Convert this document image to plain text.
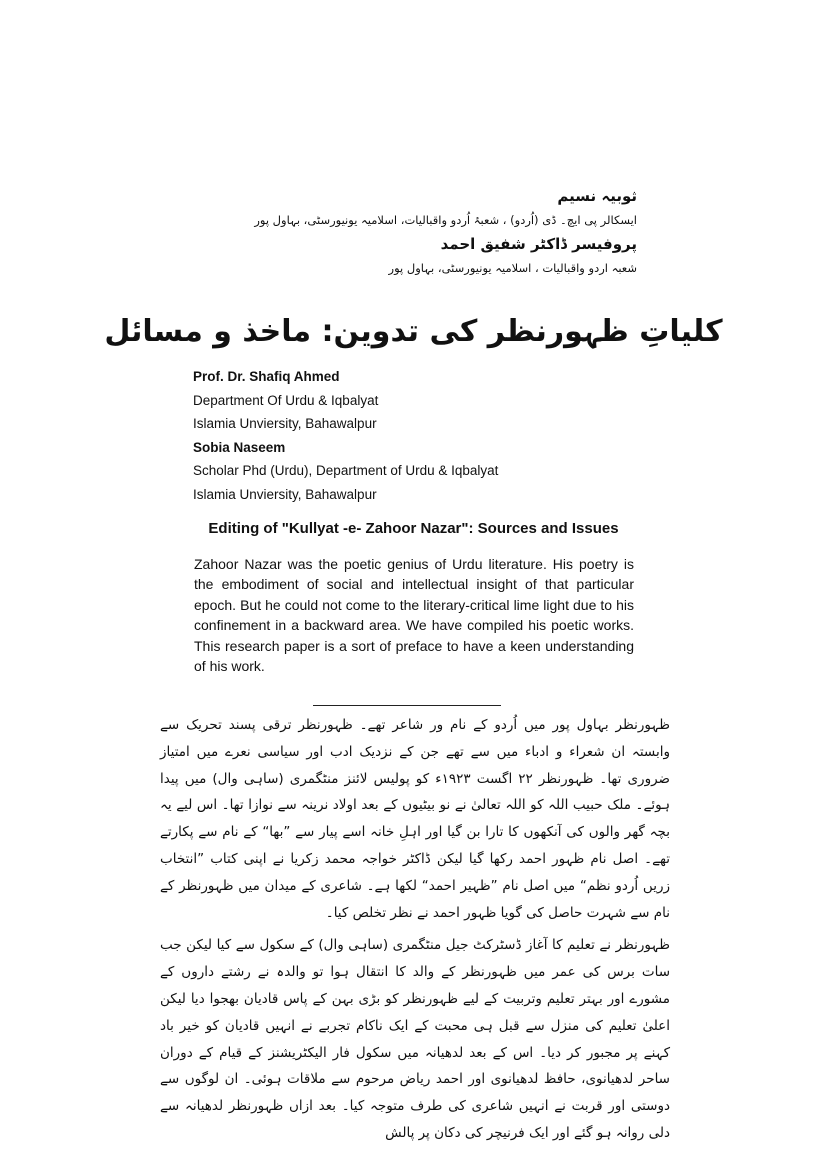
ثوبیہ نسیم

ایسکالر پی ایچ۔ ڈی (اُردو) ، شعبۂ اُردو واقبالیات، اسلامیہ یونیورسٹی، بہاول پور

پروفیسر ڈاکٹر شفیق احمد

شعبہ اردو واقبالیات ، اسلامیہ یونیورسٹی، بہاول پور

کلیاتِ ظہورنظر کی تدوین: ماخذ و مسائل

Prof. Dr. Shafiq Ahmed

Department Of Urdu & Iqbalyat

Islamia Unviersity, Bahawalpur

Sobia Naseem

Scholar Phd (Urdu), Department of Urdu & Iqbalyat

Islamia Unviersity, Bahawalpur

Editing of "Kullyat -e- Zahoor Nazar": Sources and Issues

Zahoor Nazar was the poetic genius of Urdu literature. His poetry is the embodiment of social and intellectual insight of that particular epoch. But he could not come to the literary-critical lime light due to his confinement in a backward area. We have compiled his poetic works. This research paper is a sort of preface to have a keen understanding of his work.

ظہورنظر بہاول پور میں اُردو کے نام ور شاعر تھے۔ ظہورنظر ترقی پسند تحریک سے وابستہ ان شعراء و ادباء میں سے تھے جن کے نزدیک ادب اور سیاسی نعرے میں امتیاز ضروری تھا۔ ظہورنظر ۲۲ اگست ۱۹۲۳ء کو پولیس لائنز منٹگمری (ساہی وال) میں پیدا ہوئے۔ ملک حبیب اللہ کو اللہ تعالیٰ نے نو بیٹیوں کے بعد اولاد نرینہ سے نوازا تھا۔ اس لیے یہ بچہ گھر والوں کی آنکھوں کا تارا بن گیا اور اہلِ خانہ اسے پیار سے ”بھا“ کے نام سے پکارتے تھے۔ اصل نام ظہور احمد رکھا گیا لیکن ڈاکٹر خواجہ محمد زکریا نے اپنی کتاب ”انتخاب زریں اُردو نظم“ میں اصل نام ”ظہیر احمد“ لکھا ہے۔ شاعری کے میدان میں ظہورنظر کے نام سے شہرت حاصل کی گویا ظہور احمد نے نظر تخلص کیا۔

ظہورنظر نے تعلیم کا آغاز ڈسٹرکٹ جیل منٹگمری (ساہی وال) کے سکول سے کیا لیکن جب سات برس کی عمر میں ظہورنظر کے والد کا انتقال ہوا تو والدہ نے رشتے داروں کے مشورے اور بہتر تعلیم وتربیت کے لیے ظہورنظر کو بڑی بہن کے پاس قادیان بھجوا دیا لیکن اعلیٰ تعلیم کی منزل سے قبل ہی محبت کے ایک ناکام تجربے نے انہیں قادیان کو خیر باد کہنے پر مجبور کر دیا۔ اس کے بعد لدھیانہ میں سکول فار الیکٹریشنز کے قیام کے دوران ساحر لدھیانوی، حافظ لدھیانوی اور احمد ریاض مرحوم سے ملاقات ہوئی۔ ان لوگوں سے دوستی اور قربت نے انہیں شاعری کی طرف متوجہ کیا۔ بعد ازاں ظہورنظر لدھیانہ سے دلی روانہ ہو گئے اور ایک فرنیچر کی دکان پر پالش
